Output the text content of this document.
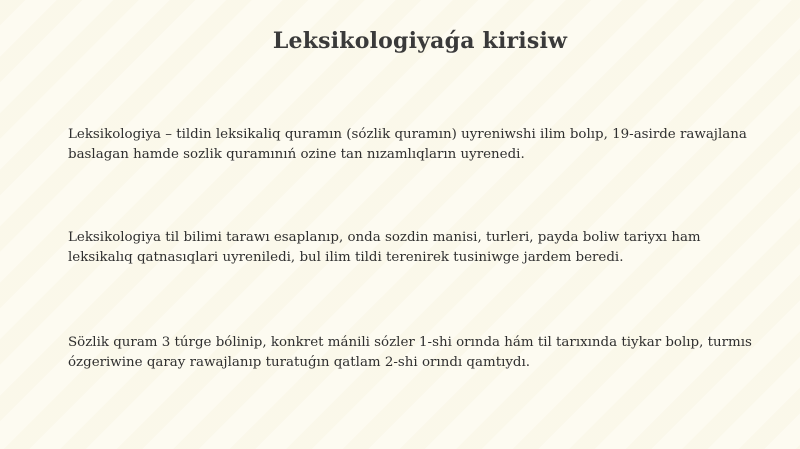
Leksikologiyaǵa kirisiw
Leksikologiya – tildin leksikaliq quramın (sózlik quramın) uyreniwshi ilim bolıp, 19-asirde rawajlana baslagan hamde sozlik quramınıń ozine tan nızamlıqların uyrenedi.
Leksikologiya til bilimi tarawı esaplanıp, onda sozdin manisi, turleri, payda boliw tariyxı ham leksikalıq qatnasıqlari uyreniledi, bul ilim tildi terenirek tusiniwge jardem beredi.
Sözlik quram 3 túrge bólinip, konkret mánili sózler 1-shi orında hám til tarıxında tiykar bolıp, turmıs ózgeriwine qaray rawajlanıp turatuǵın qatlam 2-shi orındı qamtıydı.
